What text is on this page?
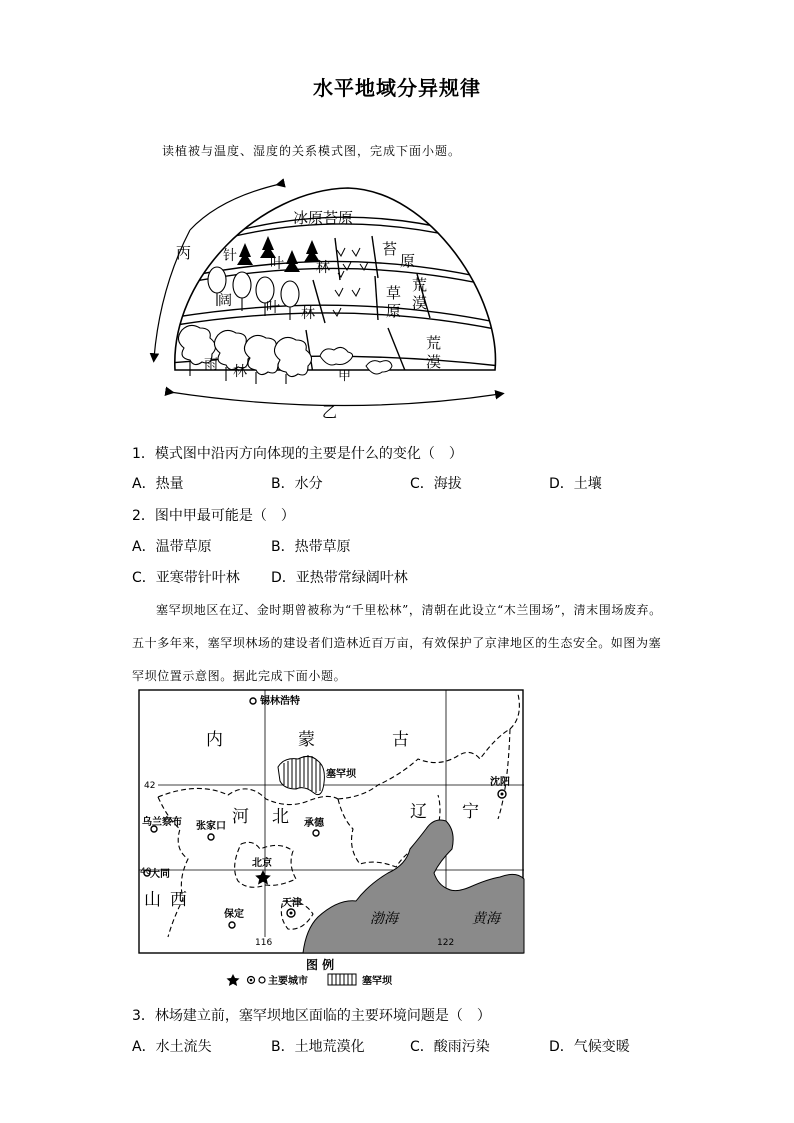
水平地域分异规律
读植被与温度、湿度的关系模式图，完成下面小题。
丙
乙
甲
冰原苔原
针 叶 林
苔
原
阔 叶 林
草
原
荒
漠
雨 林
荒
漠
1．模式图中沿丙方向体现的主要是什么的变化（　）
A．热量	B．水分	C．海拔	D．土壤
2．图中甲最可能是（　）
A．温带草原	B．热带草原
C．亚寒带针叶林 D．亚热带常绿阔叶林

塞罕坝地区在辽、金时期曾被称为“千里松林”，清朝在此设立“木兰围场”，清末围场废弃。五十多年来，塞罕坝林场的建设者们造林近百万亩，有效保护了京津地区的生态安全。如图为塞罕坝位置示意图。据此完成下面小题。

内	蒙	古
河 北	辽 宁
山 西
锡林浩特
塞罕坝
沈阳
乌兰察布 张家口	承德
北京
大同
保定
天津
渤海	黄海
42
40
116	122
图 例
主要城市	塞罕坝
3．林场建立前，塞罕坝地区面临的主要环境问题是（　）
A．水土流失	B．土地荒漠化	C．酸雨污染	D．气候变暖
